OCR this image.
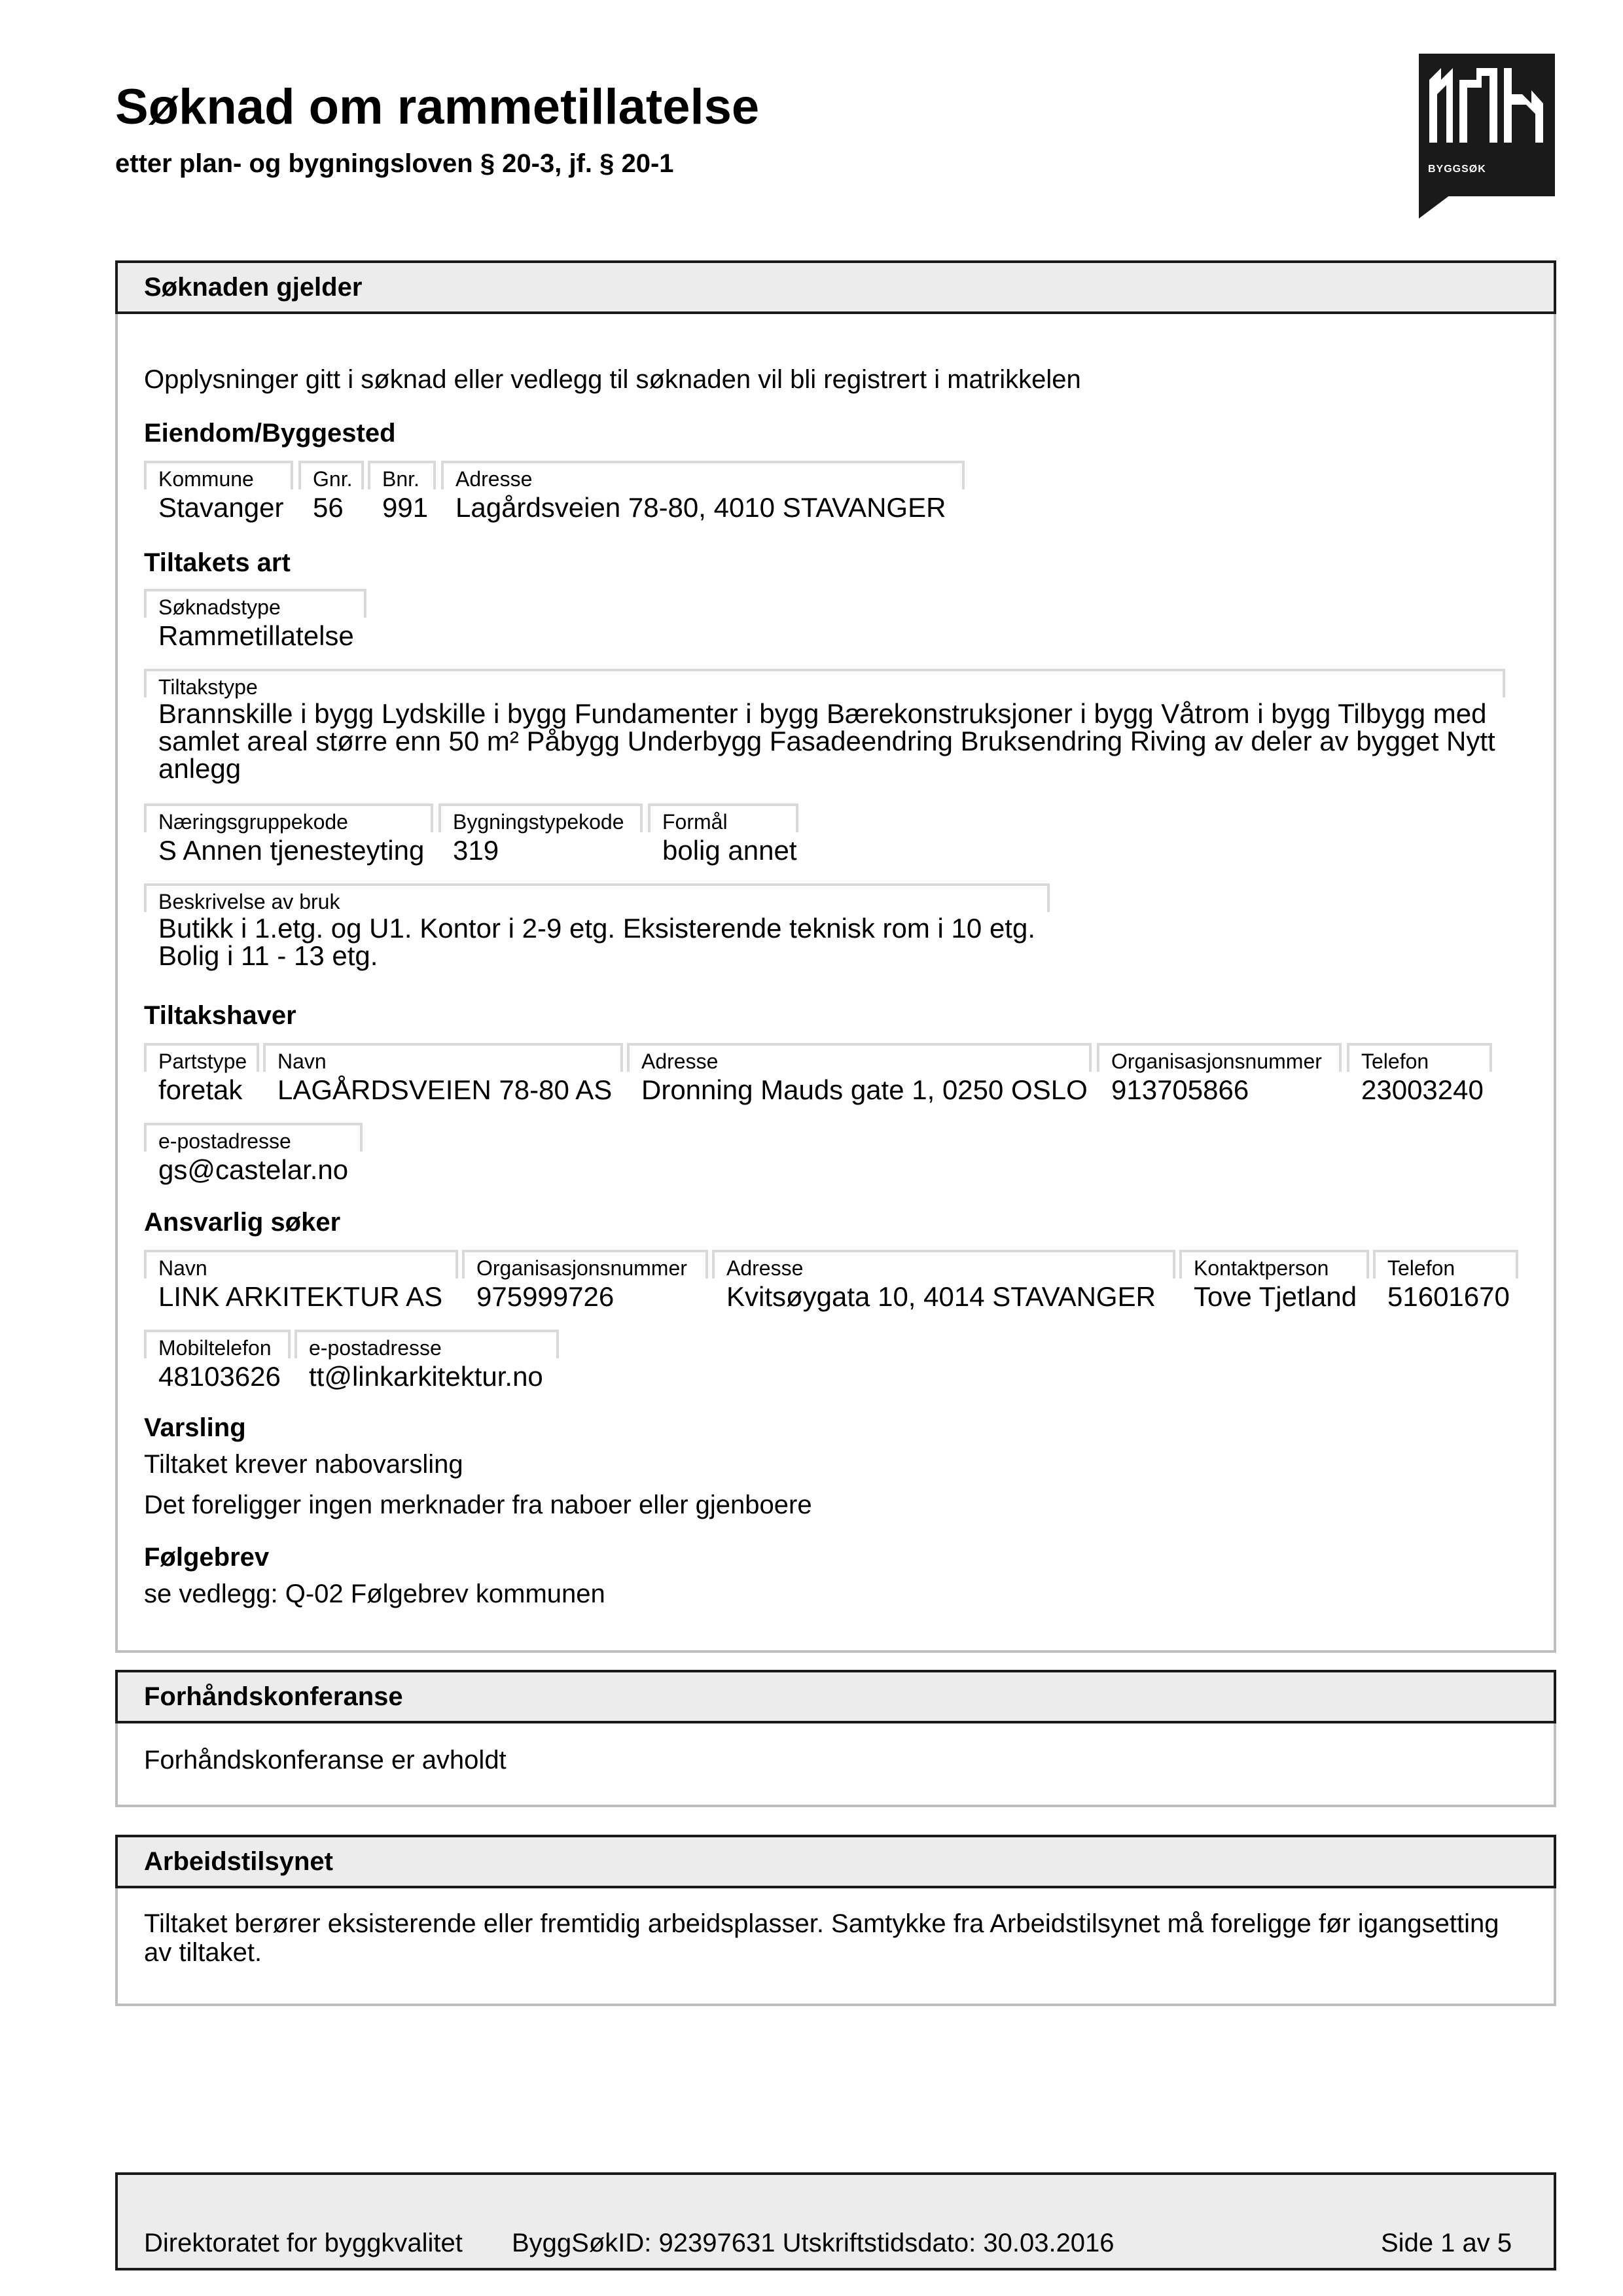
Søknad om rammetillatelse
etter plan- og bygningsloven § 20-3, jf. § 20-1	BYGGSØK
Søknaden gjelder
Opplysninger gitt i søknad eller vedlegg til søknaden vil bli registrert i matrikkelen
Eiendom/Byggested
Kommune
Stavanger
Gnr.
56
Bnr.
991
Adresse
Lagårdsveien 78-80, 4010 STAVANGER
Tiltakets art
Søknadstype
Rammetillatelse
Tiltakstype
Brannskille i bygg Lydskille i bygg Fundamenter i bygg Bærekonstruksjoner i bygg Våtrom i bygg Tilbygg med samlet areal større enn 50 m² Påbygg Underbygg Fasadeendring Bruksendring Riving av deler av bygget Nytt anlegg
Næringsgruppekode
S Annen tjenesteyting
Bygningstypekode
319
Formål
bolig annet
Beskrivelse av bruk
Butikk i 1.etg. og U1. Kontor i 2-9 etg. Eksisterende teknisk rom i 10 etg.
Bolig i 11 - 13 etg.
Tiltakshaver
Partstype
foretak
Navn
LAGÅRDSVEIEN 78-80 AS
Adresse
Dronning Mauds gate 1, 0250 OSLO
Organisasjonsnummer
913705866
Telefon
23003240
e-postadresse
gs@castelar.no
Ansvarlig søker
Navn
LINK ARKITEKTUR AS
Organisasjonsnummer
975999726
Adresse
Kvitsøygata 10, 4014 STAVANGER
Kontaktperson
Tove Tjetland
Telefon
51601670
Mobiltelefon
48103626
e-postadresse
tt@linkarkitektur.no
Varsling
Tiltaket krever nabovarsling
Det foreligger ingen merknader fra naboer eller gjenboere
Følgebrev
se vedlegg: Q-02 Følgebrev kommunen
Forhåndskonferanse
Forhåndskonferanse er avholdt
Arbeidstilsynet
Tiltaket berører eksisterende eller fremtidig arbeidsplasser. Samtykke fra Arbeidstilsynet må foreligge før igangsetting av tiltaket.
Direktoratet for byggkvalitet ByggSøkID: 92397631 Utskriftstidsdato: 30.03.2016	Side 1 av 5
